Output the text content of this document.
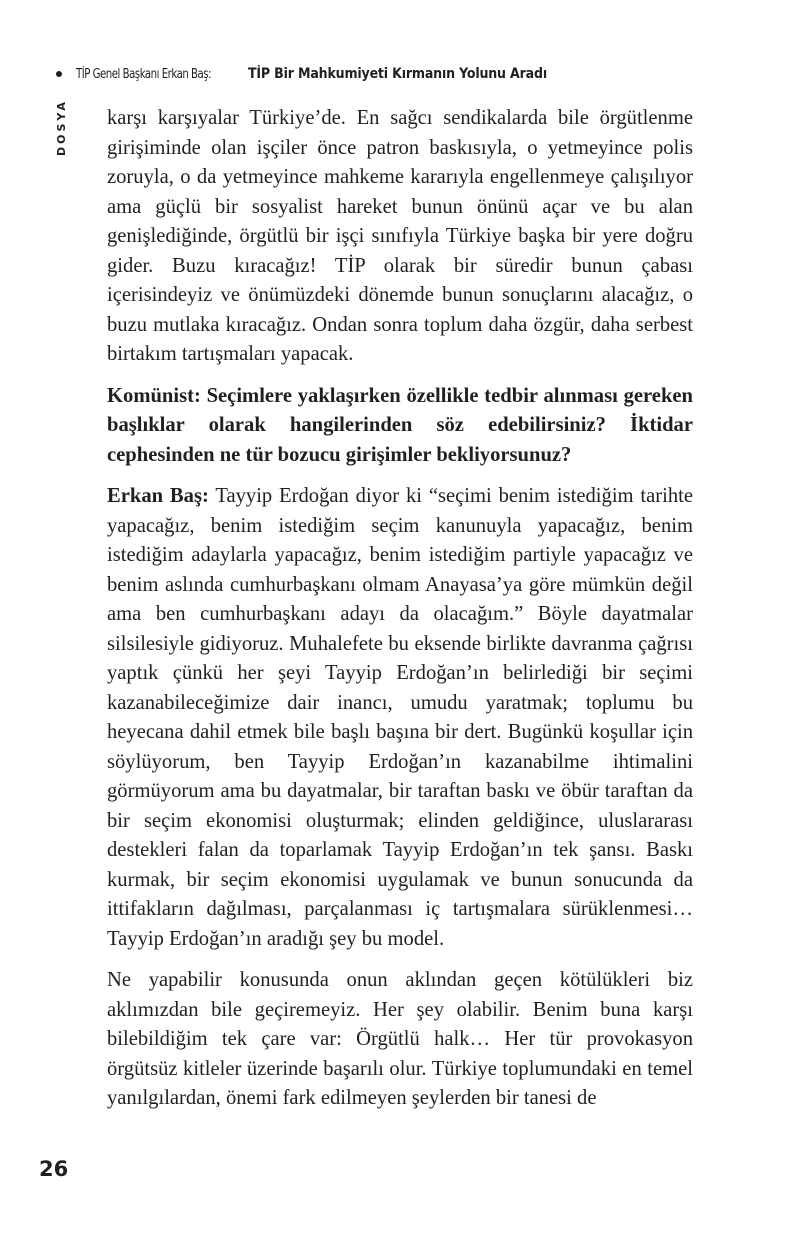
TİP Genel Başkanı Erkan Baş:	TİP Bir Mahkumiyeti Kırmanın Yolunu Aradı
DOSYA karşı karşıyalar Türkiye’de. En sağcı sendikalarda bile örgütlenme girişiminde olan işçiler önce patron baskısıyla, o yetmeyince polis zoruyla, o da yetmeyince mahkeme kararıyla engellenmeye çalışılıyor ama güçlü bir sosyalist hareket bunun önünü açar ve bu alan genişlediğinde, örgütlü bir işçi sınıfıyla Türkiye başka bir yere doğru gider. Buzu kıracağız! TİP olarak bir süredir bunun çabası içerisindeyiz ve önümüzdeki dönemde bunun sonuçlarını alacağız, o buzu mutlaka kıracağız. Ondan sonra toplum daha özgür, daha serbest birtakım tartışmaları yapacak.

Komünist: Seçimlere yaklaşırken özellikle tedbir alınması gereken başlıklar olarak hangilerinden söz edebilirsiniz? İktidar cephesinden ne tür bozucu girişimler bekliyorsunuz?

Erkan Baş: Tayyip Erdoğan diyor ki “seçimi benim istediğim tarihte yapacağız, benim istediğim seçim kanunuyla yapacağız, benim istediğim adaylarla yapacağız, benim istediğim partiyle yapacağız ve benim aslında cumhurbaşkanı olmam Anayasa’ya göre mümkün değil ama ben cumhurbaşkanı adayı da olacağım.” Böyle dayatmalar silsilesiyle gidiyoruz. Muhalefete bu eksende birlikte davranma çağrısı yaptık çünkü her şeyi Tayyip Erdoğan’ın belirlediği bir seçimi kazanabileceğimize dair inancı, umudu yaratmak; toplumu bu heyecana dahil etmek bile başlı başına bir dert. Bugünkü koşullar için söylüyorum, ben Tayyip Erdoğan’ın kazanabilme ihtimalini görmüyorum ama bu dayatmalar, bir taraftan baskı ve öbür taraftan da bir seçim ekonomisi oluşturmak; elinden geldiğince, uluslararası destekleri falan da toparlamak Tayyip Erdoğan’ın tek şansı. Baskı kurmak, bir seçim ekonomisi uygulamak ve bunun sonucunda da ittifakların dağılması, parçalanması iç tartışmalara sürüklenmesi… Tayyip Erdoğan’ın aradığı şey bu model.

Ne yapabilir konusunda onun aklından geçen kötülükleri biz aklımızdan bile geçiremeyiz. Her şey olabilir. Benim buna karşı bilebildiğim tek çare var: Örgütlü halk… Her tür provokasyon örgütsüz kitleler üzerinde başarılı olur. Türkiye toplumundaki en temel yanılgılardan, önemi fark edilmeyen şeylerden bir tanesi de

26
